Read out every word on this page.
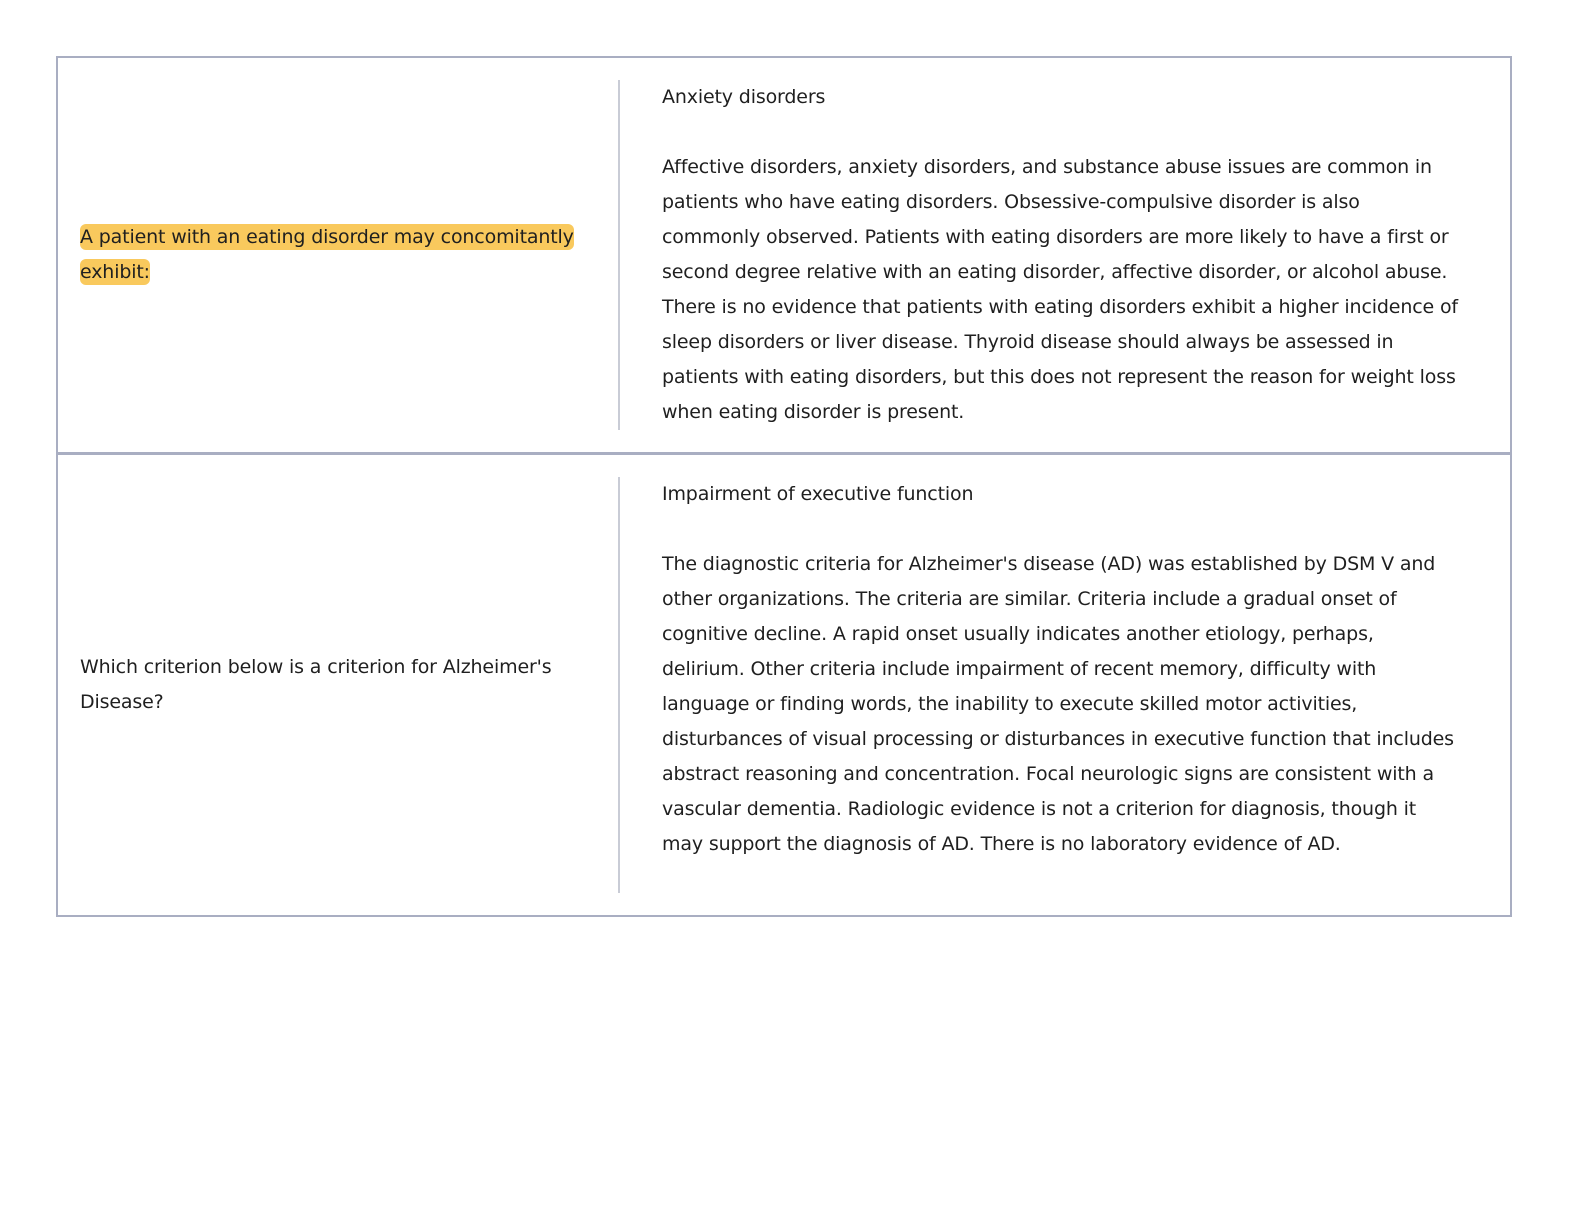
A patient with an eating disorder may concomitantly exhibit:

Anxiety disorders

Affective disorders, anxiety disorders, and substance abuse issues are common in patients who have eating disorders. Obsessive-compulsive disorder is also commonly observed. Patients with eating disorders are more likely to have a first or second degree relative with an eating disorder, affective disorder, or alcohol abuse. There is no evidence that patients with eating disorders exhibit a higher incidence of sleep disorders or liver disease. Thyroid disease should always be assessed in patients with eating disorders, but this does not represent the reason for weight loss when eating disorder is present.

Which criterion below is a criterion for Alzheimer's Disease?

Impairment of executive function

The diagnostic criteria for Alzheimer's disease (AD) was established by DSM V and other organizations. The criteria are similar. Criteria include a gradual onset of cognitive decline. A rapid onset usually indicates another etiology, perhaps, delirium. Other criteria include impairment of recent memory, difficulty with language or finding words, the inability to execute skilled motor activities, disturbances of visual processing or disturbances in executive function that includes abstract reasoning and concentration. Focal neurologic signs are consistent with a vascular dementia. Radiologic evidence is not a criterion for diagnosis, though it may support the diagnosis of AD. There is no laboratory evidence of AD.
